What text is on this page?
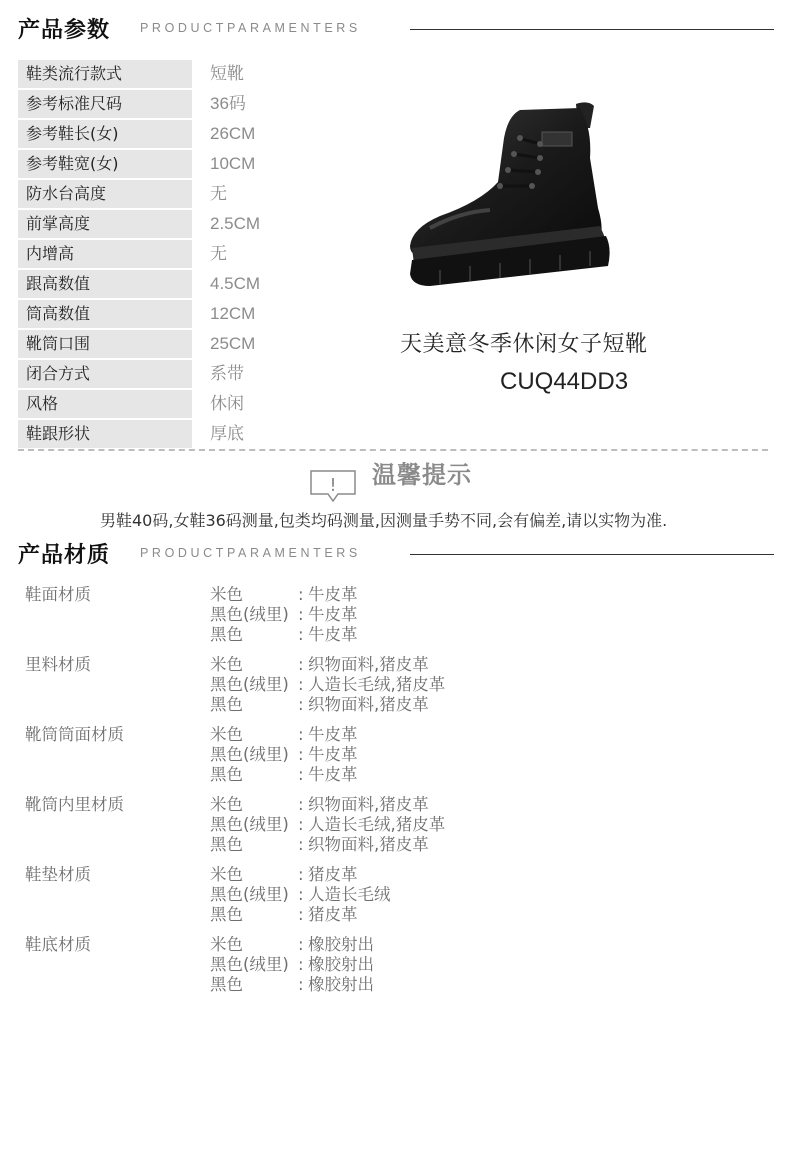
产品参数 PRODUCTPARAMENTERS
鞋类流行款式	短靴
参考标准尺码	36码
参考鞋长(女)	26CM
参考鞋宽(女)	10CM
防水台高度	无
前掌高度	2.5CM
内增高	无
跟高数值	4.5CM
筒高数值	12CM
靴筒口围	25CM
闭合方式	系带
风格	休闲
鞋跟形状	厚底
天美意冬季休闲女子短靴
CUQ44DD3
! 温馨提示
男鞋40码,女鞋36码测量,包类均码测量,因测量手势不同,会有偏差,请以实物为准.
产品材质 PRODUCTPARAMENTERS
鞋面材质	米色	: 牛皮革
黑色(绒里) : 牛皮革
黑色	: 牛皮革
里料材质	米色	: 织物面料,猪皮革
黑色(绒里) : 人造长毛绒,猪皮革
黑色	: 织物面料,猪皮革
靴筒筒面材质	米色	: 牛皮革
黑色(绒里) : 牛皮革
黑色	: 牛皮革
靴筒内里材质	米色	: 织物面料,猪皮革
黑色(绒里) : 人造长毛绒,猪皮革
黑色	: 织物面料,猪皮革
鞋垫材质	米色	: 猪皮革
黑色(绒里) : 人造长毛绒
黑色	: 猪皮革
鞋底材质	米色	: 橡胶射出
黑色(绒里) : 橡胶射出
黑色	: 橡胶射出
